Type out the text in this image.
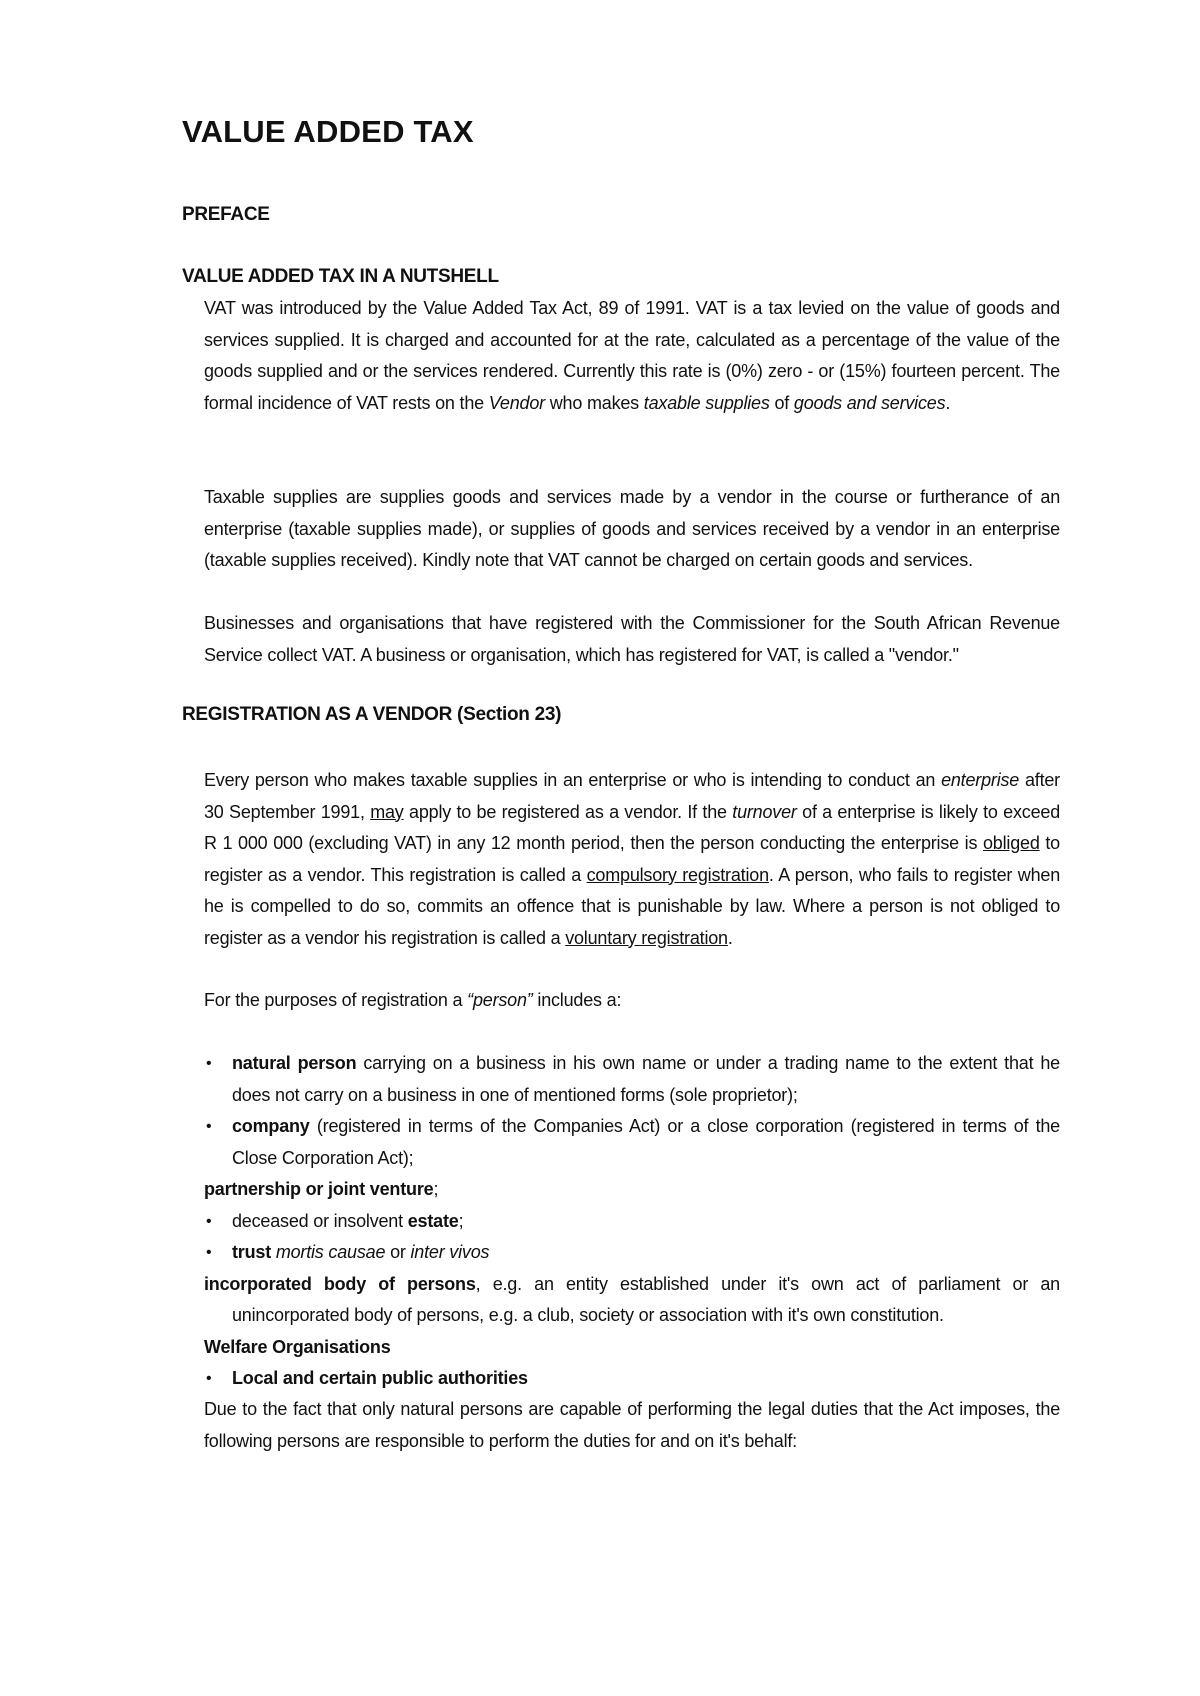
VALUE ADDED TAX
PREFACE
VALUE ADDED TAX IN A NUTSHELL

VAT was introduced by the Value Added Tax Act, 89 of 1991. VAT is a tax levied on the value of goods and services supplied. It is charged and accounted for at the rate, calculated as a percentage of the value of the goods supplied and or the services rendered. Currently this rate is (0%) zero - or (15%) fourteen percent. The formal incidence of VAT rests on the Vendor who makes taxable supplies of goods and services.

Taxable supplies are supplies goods and services made by a vendor in the course or furtherance of an enterprise (taxable supplies made), or supplies of goods and services received by a vendor in an enterprise (taxable supplies received). Kindly note that VAT cannot be charged on certain goods and services.

Businesses and organisations that have registered with the Commissioner for the South African Revenue Service collect VAT. A business or organisation, which has registered for VAT, is called a "vendor."

REGISTRATION AS A VENDOR (Section 23)

Every person who makes taxable supplies in an enterprise or who is intending to conduct an enterprise after 30 September 1991, may apply to be registered as a vendor. If the turnover of a enterprise is likely to exceed R 1 000 000 (excluding VAT) in any 12 month period, then the person conducting the enterprise is obliged to register as a vendor. This registration is called a compulsory registration. A person, who fails to register when he is compelled to do so, commits an offence that is punishable by law. Where a person is not obliged to register as a vendor his registration is called a voluntary registration.

For the purposes of registration a “person” includes a:

• natural person carrying on a business in his own name or under a trading name to the extent that he does not carry on a business in one of mentioned forms (sole proprietor);
• company (registered in terms of the Companies Act) or a close corporation (registered in terms of the Close Corporation Act);
partnership or joint venture;
• deceased or insolvent estate;
• trust mortis causae or inter vivos
incorporated body of persons, e.g. an entity established under it's own act of parliament or an unincorporated body of persons, e.g. a club, society or association with it's own constitution.
Welfare Organisations
• Local and certain public authorities

Due to the fact that only natural persons are capable of performing the legal duties that the Act imposes, the following persons are responsible to perform the duties for and on it's behalf:
